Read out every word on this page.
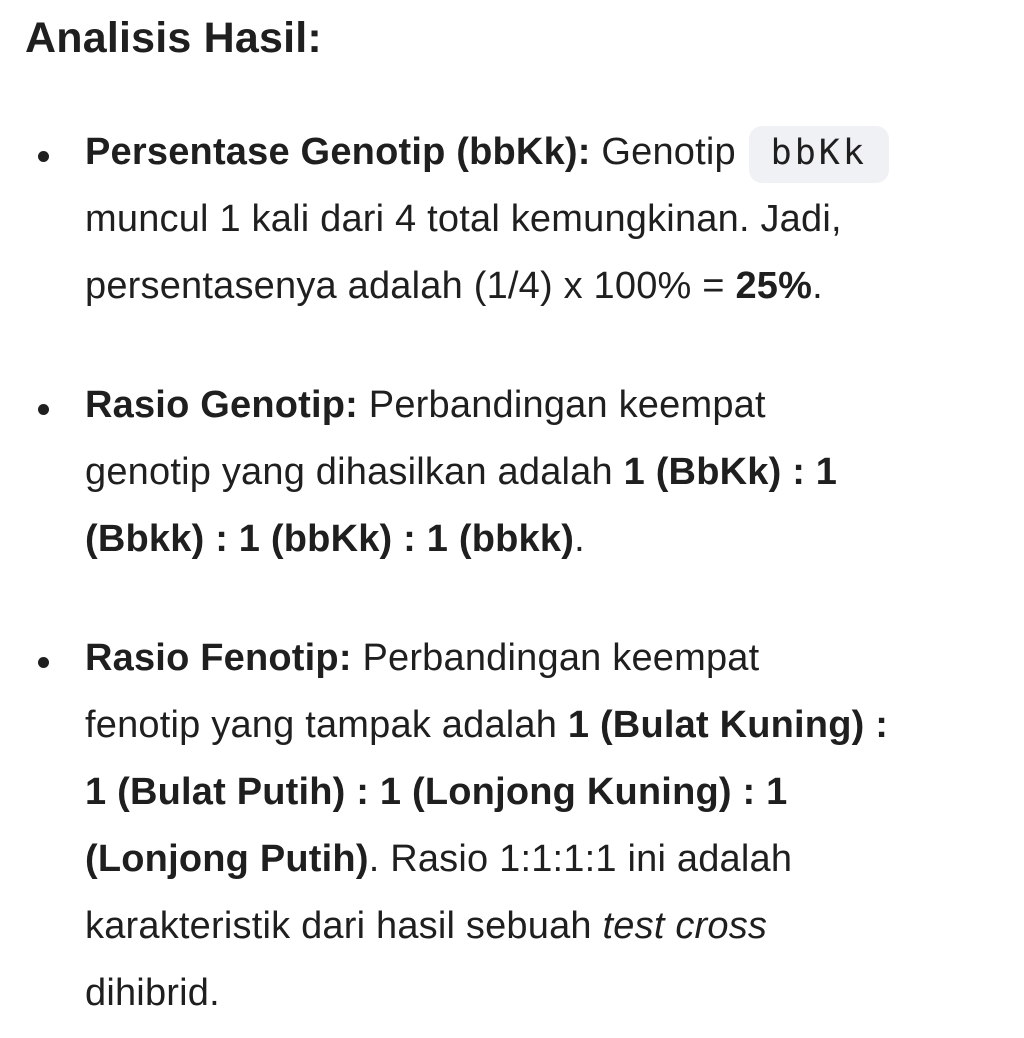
Analisis Hasil:
Persentase Genotip (bbKk): Genotip bbKk
muncul 1 kali dari 4 total kemungkinan. Jadi,
persentasenya adalah (1/4) x 100% = 25%.
Rasio Genotip: Perbandingan keempat
genotip yang dihasilkan adalah 1 (BbKk) : 1
(Bbkk) : 1 (bbKk) : 1 (bbkk).
Rasio Fenotip: Perbandingan keempat
fenotip yang tampak adalah 1 (Bulat Kuning) :
1 (Bulat Putih) : 1 (Lonjong Kuning) : 1
(Lonjong Putih). Rasio 1:1:1:1 ini adalah
karakteristik dari hasil sebuah test cross
dihibrid.
